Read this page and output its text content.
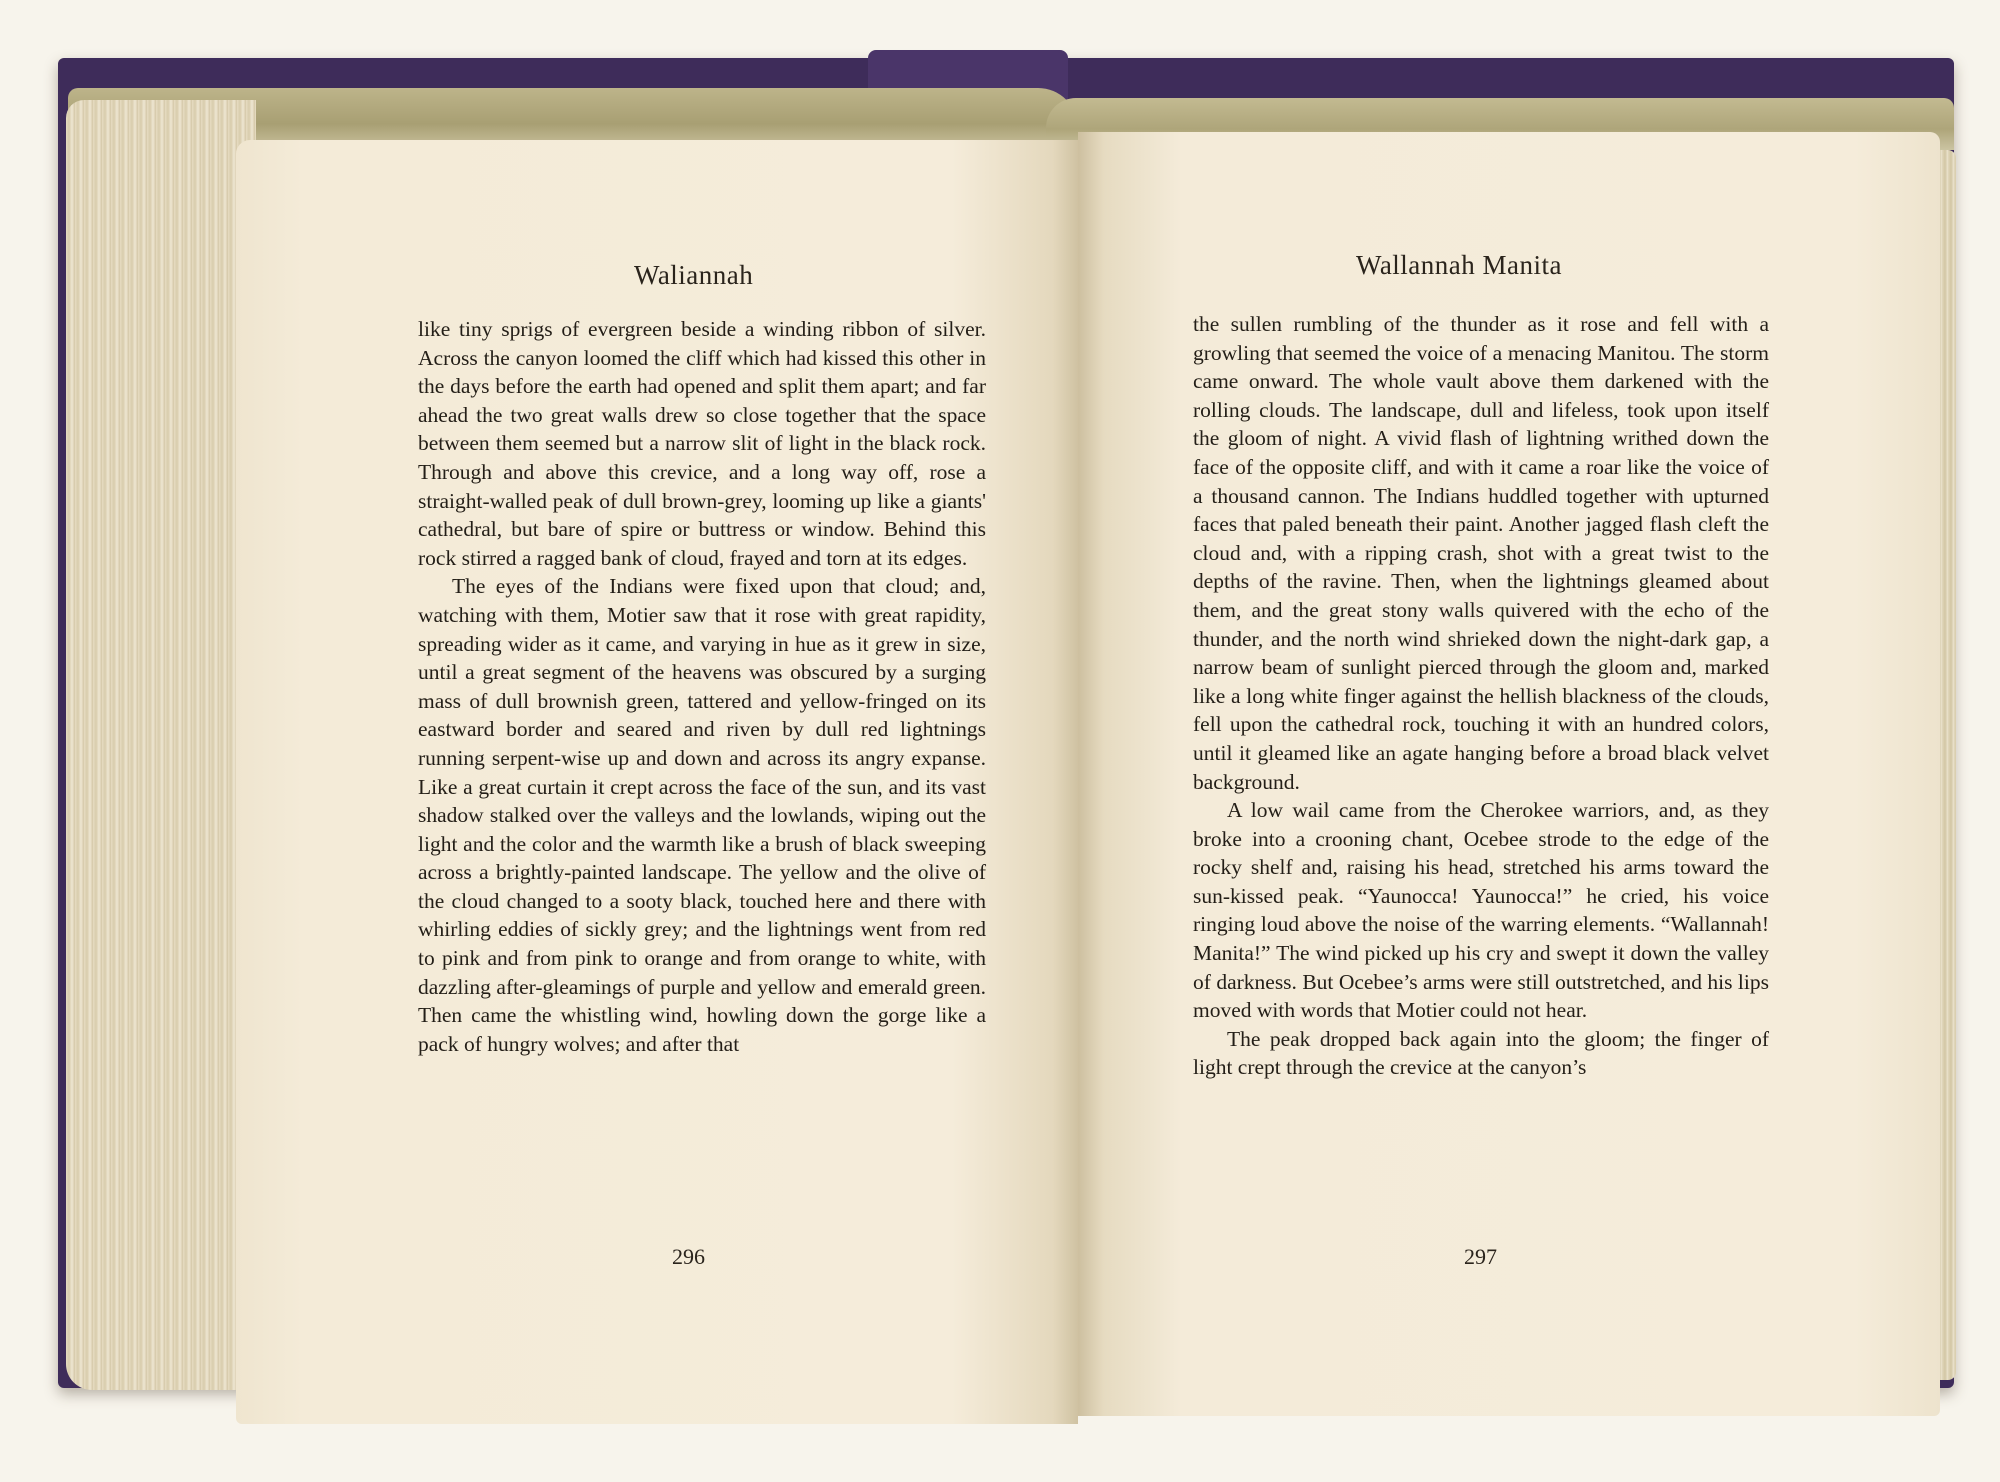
Waliannah

like tiny sprigs of evergreen beside a winding ribbon of silver. Across the canyon loomed the cliff which had kissed this other in the days before the earth had opened and split them apart; and far ahead the two great walls drew so close together that the space between them seemed but a narrow slit of light in the black rock. Through and above this crevice, and a long way off, rose a straight-walled peak of dull brown-grey, looming up like a giants' cathedral, but bare of spire or buttress or window. Behind this rock stirred a ragged bank of cloud, frayed and torn at its edges.

The eyes of the Indians were fixed upon that cloud; and, watching with them, Motier saw that it rose with great rapidity, spreading wider as it came, and varying in hue as it grew in size, until a great segment of the heavens was obscured by a surging mass of dull brownish green, tattered and yellow-fringed on its eastward border and seared and riven by dull red lightnings running serpent-wise up and down and across its angry expanse. Like a great curtain it crept across the face of the sun, and its vast shadow stalked over the valleys and the lowlands, wiping out the light and the color and the warmth like a brush of black sweeping across a brightly-painted landscape. The yellow and the olive of the cloud changed to a sooty black, touched here and there with whirling eddies of sickly grey; and the lightnings went from red to pink and from pink to orange and from orange to white, with dazzling after-gleamings of purple and yellow and emerald green. Then came the whistling wind, howling down the gorge like a pack of hungry wolves; and after that

296
Wallannah Manita

the sullen rumbling of the thunder as it rose and fell with a growling that seemed the voice of a menacing Manitou. The storm came onward. The whole vault above them darkened with the rolling clouds. The landscape, dull and lifeless, took upon itself the gloom of night. A vivid flash of lightning writhed down the face of the opposite cliff, and with it came a roar like the voice of a thousand cannon. The Indians huddled together with upturned faces that paled beneath their paint. Another jagged flash cleft the cloud and, with a ripping crash, shot with a great twist to the depths of the ravine. Then, when the lightnings gleamed about them, and the great stony walls quivered with the echo of the thunder, and the north wind shrieked down the night-dark gap, a narrow beam of sunlight pierced through the gloom and, marked like a long white finger against the hellish blackness of the clouds, fell upon the cathedral rock, touching it with an hundred colors, until it gleamed like an agate hanging before a broad black velvet background.

A low wail came from the Cherokee warriors, and, as they broke into a crooning chant, Ocebee strode to the edge of the rocky shelf and, raising his head, stretched his arms toward the sun-kissed peak. “Yaunocca! Yaunocca!” he cried, his voice ringing loud above the noise of the warring elements. “Wallannah! Manita!” The wind picked up his cry and swept it down the valley of darkness. But Ocebee’s arms were still outstretched, and his lips moved with words that Motier could not hear.

The peak dropped back again into the gloom; the finger of light crept through the crevice at the canyon’s

297
